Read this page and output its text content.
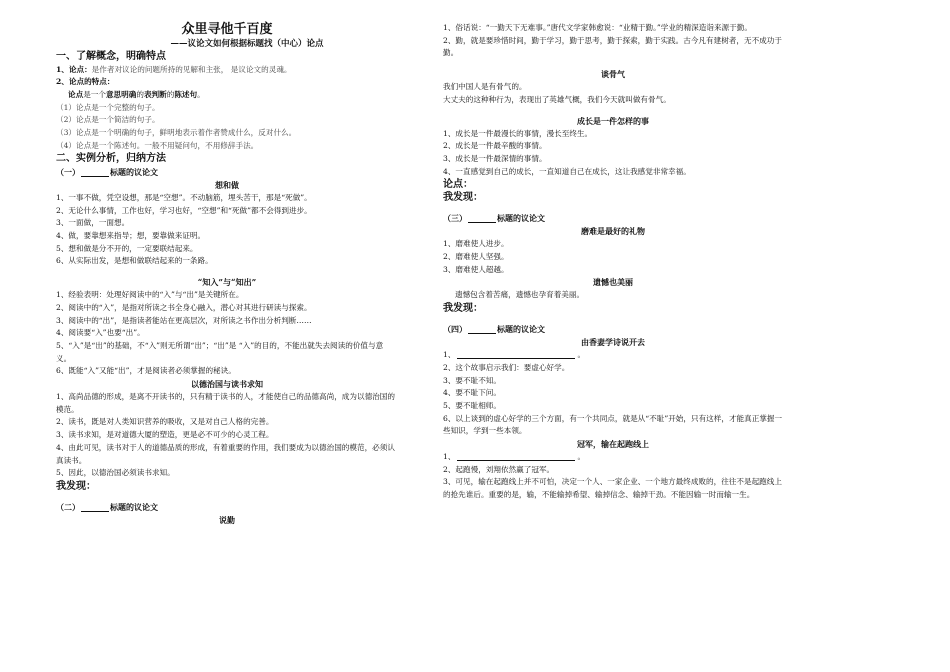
众里寻他千百度
——议论文如何根据标题找（中心）论点
一、了解概念，明确特点
1、论点：是作者对议论的问题所持的见解和主张， 是议论文的灵魂。
2、论点的特点：
论点是一个意思明确的表判断的陈述句。
（1）论点是一个完整的句子。
（2）论点是一个简洁的句子。
（3）论点是一个明确的句子，鲜明地表示着作者赞成什么，反对什么。
（4）论点是一个陈述句。一般不用疑问句，不用修辞手法。
二、实例分析，归纳方法
（一）	标题的议论文
想和做
1、一事不做，凭空设想，那是“空想”。不动脑筋，埋头苦干，那是“死做”。
2、无论什么事情，工作也好，学习也好，“空想”和“死做”都不会得到进步。
3、一面做，一面想。
4、做，要靠想来指导；想，要靠做来证明。
5、想和做是分不开的，一定要联结起来。
6、从实际出发，是想和做联结起来的一条路。
“知入”与“知出”
1、经验表明：处理好阅读中的“入”与“出”是关键所在。
2、阅读中的“入”，是指对所读之书全身心融入，潜心对其进行研读与探索。
3、阅读中的“出”，是指读者能站在更高层次，对所读之书作出分析判断……
4、阅读要“入”也要“出”。
5、“入”是“出”的基础，不“入”则无所谓“出”；“出”是 “入”的目的，不能出就失去阅读的价值与意义。
6、既能“入”又能“出”，才是阅读者必须掌握的秘诀。
以德治国与读书求知
1、高尚品德的形成，是离不开读书的，只有精于读书的人，才能使自己的品德高尚，成为以德治国的模范。
2、读书，既是对人类知识营养的吸收，又是对自己人格的完善。
3、读书求知，是对道德大厦的塑造，更是必不可少的心灵工程。
4、由此可见，读书对于人的道德品质的形成，有着重要的作用，我们要成为以德治国的模范，必须认真读书。
5、因此，以德治国必须读书求知。
我发现：
（二）	标题的议论文
说勤
1、俗话说：“一勤天下无难事。”唐代文学家韩愈说：“业精于勤。”学业的精深造诣来源于勤。
2、勤，就是要珍惜时间，勤于学习，勤于思考，勤于探索，勤于实践。古今凡有建树者，无不成功于勤。
谈骨气
我们中国人是有骨气的。
大丈夫的这种种行为，表现出了英雄气概，我们今天就叫做有骨气。
成长是一件怎样的事
1、成长是一件最漫长的事情，漫长至终生。
2、成长是一件最辛酸的事情。
3、成长是一件最深情的事情。
4、一直感觉到自己的成长，一直知道自己在成长，这让我感觉非常幸福。
论点：
我发现：
（三）	标题的议论文
磨难是最好的礼物
1、磨难使人进步。
2、磨难使人坚强。
3、磨难使人超越。
遗憾也美丽
遗憾包含着苦痛，遗憾也孕育着美丽。
我发现：
（四）	标题的议论文
由香妻学诗说开去
1、	。
2、这个故事启示我们：要虚心好学。
3、要不耻不知。
4、要不耻下问。
5、要不耻相师。
6、以上谈到的虚心好学的三个方面，有一个共同点，就是从“不耻”开始，只有这样，才能真正掌握一些知识，学到一些本领。
冠军，输在起跑线上
1、	。
2、起跑慢，刘翔依然赢了冠军。
3、可见，输在起跑线上并不可怕，决定一个人、一家企业、一个地方最终成败的，往往不是起跑线上的抢先谁后。重要的是，输，不能输掉希望、输掉信念、输掉干劲。不能因输一时而输一生。
